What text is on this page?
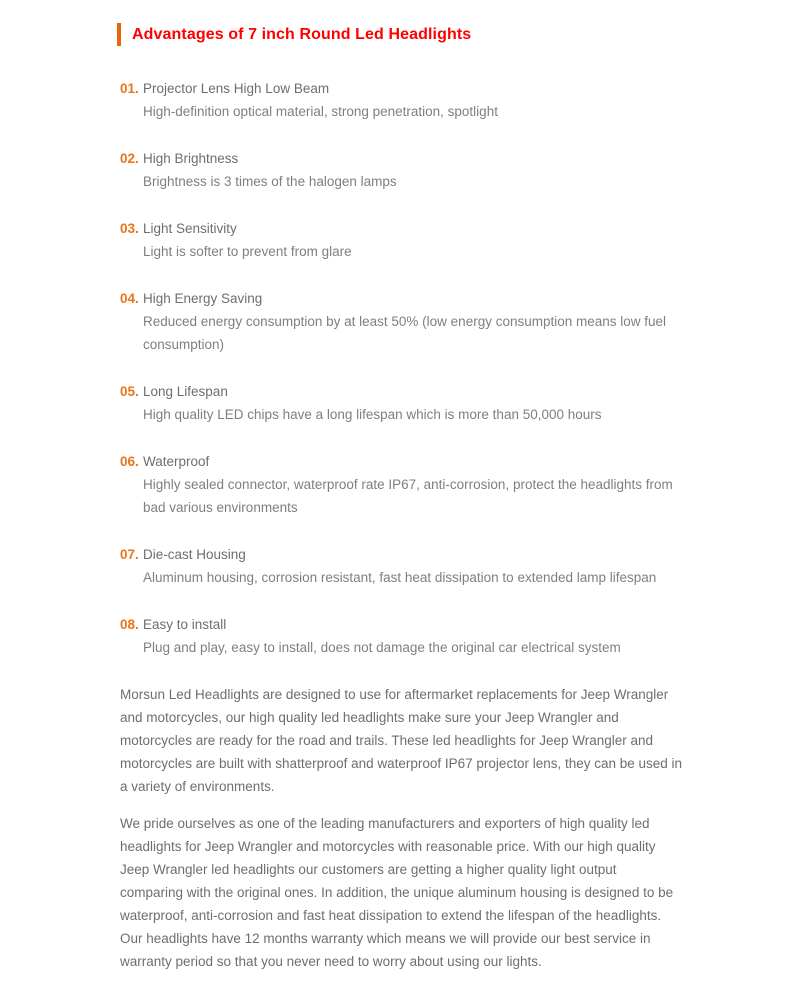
Advantages of 7 inch Round Led Headlights
01. Projector Lens High Low Beam
High-definition optical material, strong penetration, spotlight
02. High Brightness
Brightness is 3 times of the halogen lamps
03. Light Sensitivity
Light is softer to prevent from glare
04. High Energy Saving
Reduced energy consumption by at least 50% (low energy consumption means low fuel consumption)
05. Long Lifespan
High quality LED chips have a long lifespan which is more than 50,000 hours
06. Waterproof
Highly sealed connector, waterproof rate IP67, anti-corrosion, protect the headlights from bad various environments
07. Die-cast Housing
Aluminum housing, corrosion resistant, fast heat dissipation to extended lamp lifespan
08. Easy to install
Plug and play, easy to install, does not damage the original car electrical system

Morsun Led Headlights are designed to use for aftermarket replacements for Jeep Wrangler and motorcycles, our high quality led headlights make sure your Jeep Wrangler and motorcycles are ready for the road and trails. These led headlights for Jeep Wrangler and motorcycles are built with shatterproof and waterproof IP67 projector lens, they can be used in a variety of environments.

We pride ourselves as one of the leading manufacturers and exporters of high quality led headlights for Jeep Wrangler and motorcycles with reasonable price. With our high quality Jeep Wrangler led headlights our customers are getting a higher quality light output comparing with the original ones. In addition, the unique aluminum housing is designed to be waterproof, anti-corrosion and fast heat dissipation to extend the lifespan of the headlights. Our headlights have 12 months warranty which means we will provide our best service in warranty period so that you never need to worry about using our lights.
